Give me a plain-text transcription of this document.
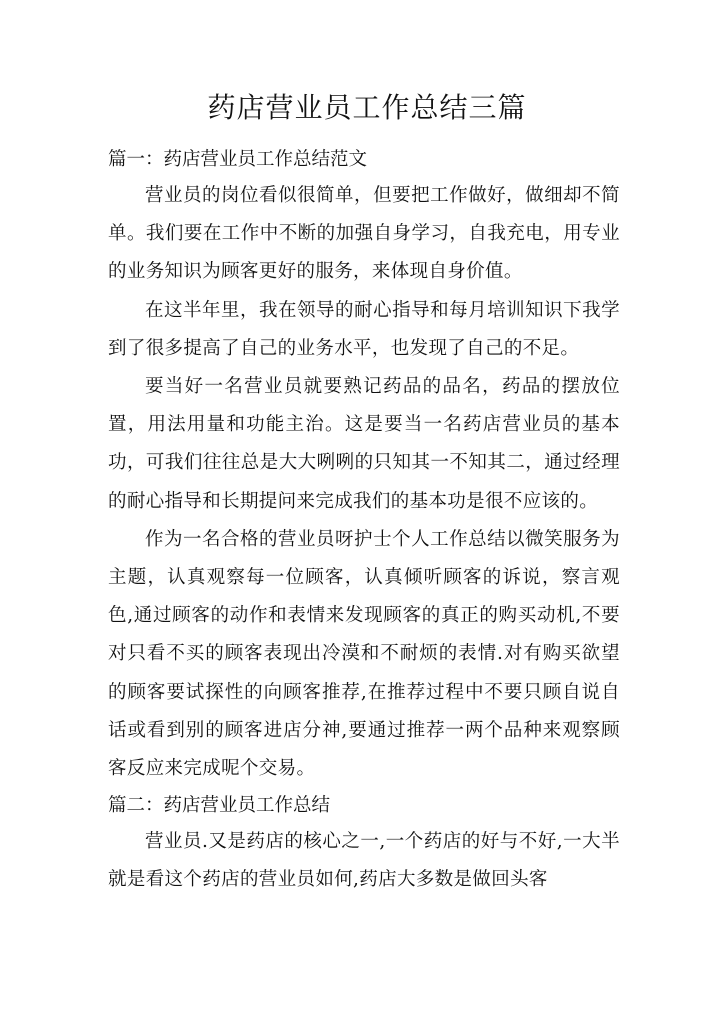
药店营业员工作总结三篇
篇一：药店营业员工作总结范文

营业员的岗位看似很简单，但要把工作做好，做细却不简单。我们要在工作中不断的加强自身学习，自我充电，用专业的业务知识为顾客更好的服务，来体现自身价值。

在这半年里，我在领导的耐心指导和每月培训知识下我学到了很多提高了自己的业务水平，也发现了自己的不足。

要当好一名营业员就要熟记药品的品名，药品的摆放位置，用法用量和功能主治。这是要当一名药店营业员的基本功，可我们往往总是大大咧咧的只知其一不知其二，通过经理的耐心指导和长期提问来完成我们的基本功是很不应该的。

作为一名合格的营业员呀护士个人工作总结以微笑服务为主题，认真观察每一位顾客，认真倾听顾客的诉说，察言观色,通过顾客的动作和表情来发现顾客的真正的购买动机,不要对只看不买的顾客表现出冷漠和不耐烦的表情.对有购买欲望的顾客要试探性的向顾客推荐,在推荐过程中不要只顾自说自话或看到别的顾客进店分神,要通过推荐一两个品种来观察顾客反应来完成呢个交易。

篇二：药店营业员工作总结

营业员.又是药店的核心之一,一个药店的好与不好,一大半就是看这个药店的营业员如何,药店大多数是做回头客
